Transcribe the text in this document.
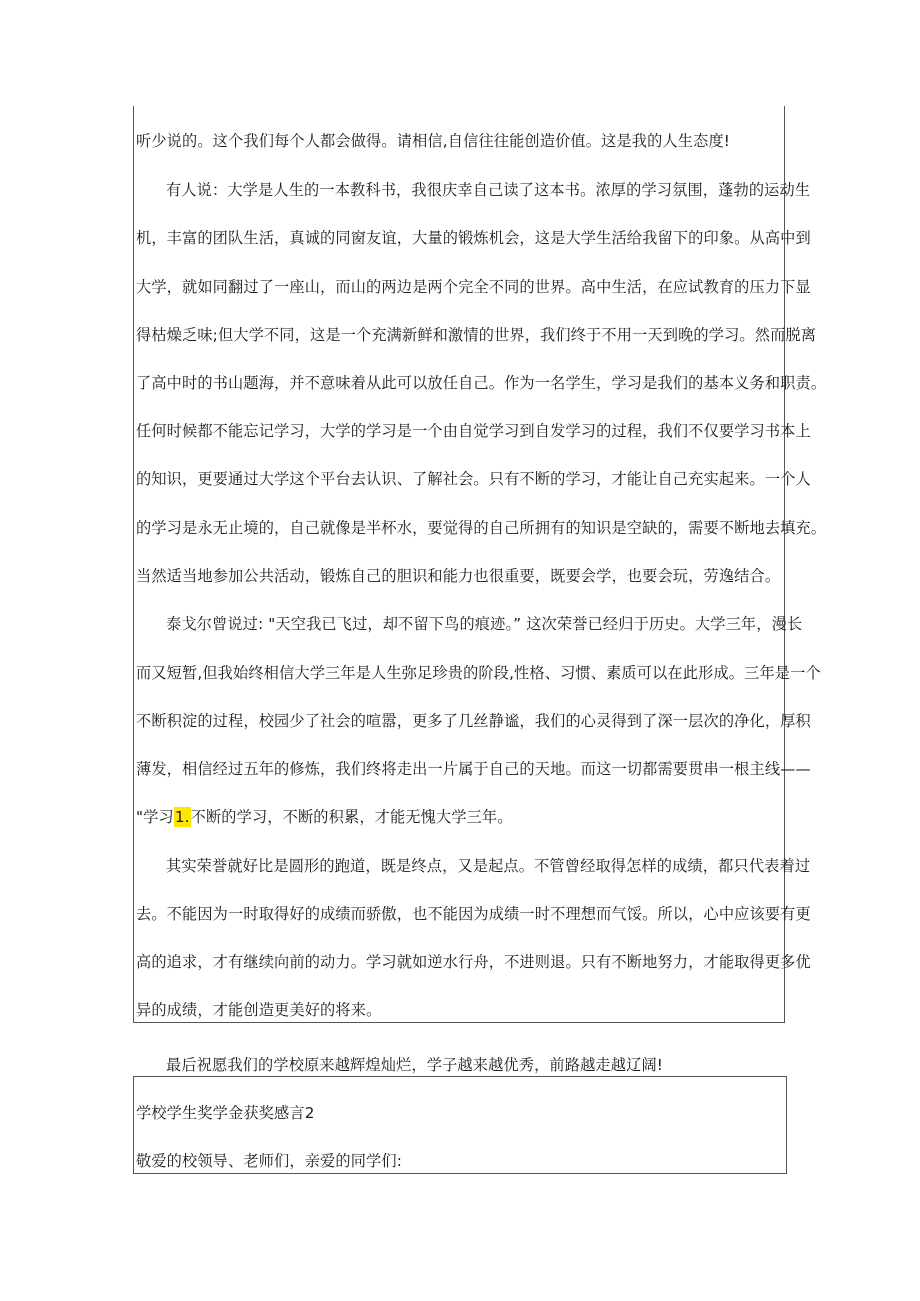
听少说的。这个我们每个人都会做得。请相信,自信往往能创造价值。这是我的人生态度!
有人说：大学是人生的一本教科书，我很庆幸自己读了这本书。浓厚的学习氛围，蓬勃的运动生
机，丰富的团队生活，真诚的同窗友谊，大量的锻炼机会，这是大学生活给我留下的印象。从高中到
大学，就如同翻过了一座山，而山的两边是两个完全不同的世界。高中生活，在应试教育的压力下显
得枯燥乏味;但大学不同，这是一个充满新鲜和激情的世界，我们终于不用一天到晚的学习。然而脱离
了高中时的书山题海，并不意味着从此可以放任自己。作为一名学生，学习是我们的基本义务和职责。
任何时候都不能忘记学习，大学的学习是一个由自觉学习到自发学习的过程，我们不仅要学习书本上
的知识，更要通过大学这个平台去认识、了解社会。只有不断的学习，才能让自己充实起来。一个人
的学习是永无止境的，自己就像是半杯水，要觉得的自己所拥有的知识是空缺的，需要不断地去填充。
当然适当地参加公共活动，锻炼自己的胆识和能力也很重要，既要会学，也要会玩，劳逸结合。
泰戈尔曾说过: "天空我已飞过，却不留下鸟的痕迹。” 这次荣誉已经归于历史。大学三年，漫长
而又短暂,但我始终相信大学三年是人生弥足珍贵的阶段,性格、习惯、素质可以在此形成。三年是一个
不断积淀的过程，校园少了社会的喧嚣，更多了几丝静谧，我们的心灵得到了深一层次的净化，厚积
薄发，相信经过五年的修炼，我们终将走出一片属于自己的天地。而这一切都需要贯串一根主线——
"学习1.不断的学习，不断的积累，才能无愧大学三年。
其实荣誉就好比是圆形的跑道，既是终点，又是起点。不管曾经取得怎样的成绩，都只代表着过
去。不能因为一时取得好的成绩而骄傲，也不能因为成绩一时不理想而气馁。所以，心中应该要有更
高的追求，才有继续向前的动力。学习就如逆水行舟，不进则退。只有不断地努力，才能取得更多优
异的成绩，才能创造更美好的将来。
最后祝愿我们的学校原来越辉煌灿烂，学子越来越优秀，前路越走越辽阔!
学校学生奖学金获奖感言2
敬爱的校领导、老师们，亲爱的同学们:
